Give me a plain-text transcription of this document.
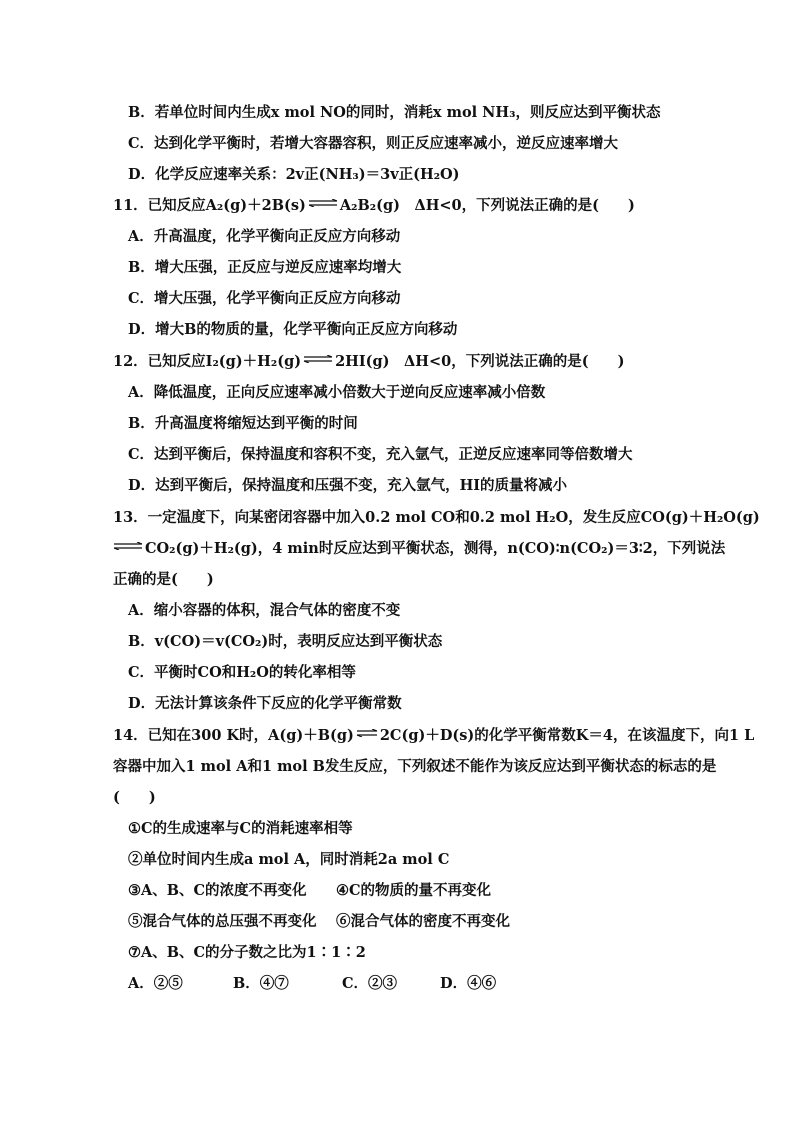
B．若单位时间内生成x mol NO的同时，消耗x mol NH₃，则反应达到平衡状态
C．达到化学平衡时，若增大容器容积，则正反应速率减小，逆反应速率增大
D．化学反应速率关系：2v正(NH₃)＝3v正(H₂O)
11．已知反应A₂(g)＋2B(s) ⇌ A₂B₂(g)　ΔH<0，下列说法正确的是(　　)
A．升高温度，化学平衡向正反应方向移动
B．增大压强，正反应与逆反应速率均增大
C．增大压强，化学平衡向正反应方向移动
D．增大B的物质的量，化学平衡向正反应方向移动
12．已知反应I₂(g)＋H₂(g) ⇌ 2HI(g)　ΔH<0，下列说法正确的是(　　)
A．降低温度，正向反应速率减小倍数大于逆向反应速率减小倍数
B．升高温度将缩短达到平衡的时间
C．达到平衡后，保持温度和容积不变，充入氩气，正逆反应速率同等倍数增大
D．达到平衡后，保持温度和压强不变，充入氩气，HI的质量将减小
13．一定温度下，向某密闭容器中加入0.2 mol CO和0.2 mol H₂O，发生反应CO(g)＋H₂O(g)
⇌ CO₂(g)＋H₂(g)，4 min时反应达到平衡状态，测得，n(CO)∶n(CO₂)＝3∶2，下列说法
正确的是(　　)
A．缩小容器的体积，混合气体的密度不变
B．v(CO)＝v(CO₂)时，表明反应达到平衡状态
C．平衡时CO和H₂O的转化率相等
D．无法计算该条件下反应的化学平衡常数
14．已知在300 K时，A(g)＋B(g) ⇌ 2C(g)＋D(s)的化学平衡常数K＝4，在该温度下，向1 L
容器中加入1 mol A和1 mol B发生反应，下列叙述不能作为该反应达到平衡状态的标志的是
(　　)
①C的生成速率与C的消耗速率相等
②单位时间内生成a mol A，同时消耗2a mol C
③A、B、C的浓度不再变化 ④C的物质的量不再变化
⑤混合气体的总压强不再变化 ⑥混合气体的密度不再变化
⑦A、B、C的分子数之比为1∶1∶2
A．②⑤	B．④⑦	C．②③	D．④⑥
